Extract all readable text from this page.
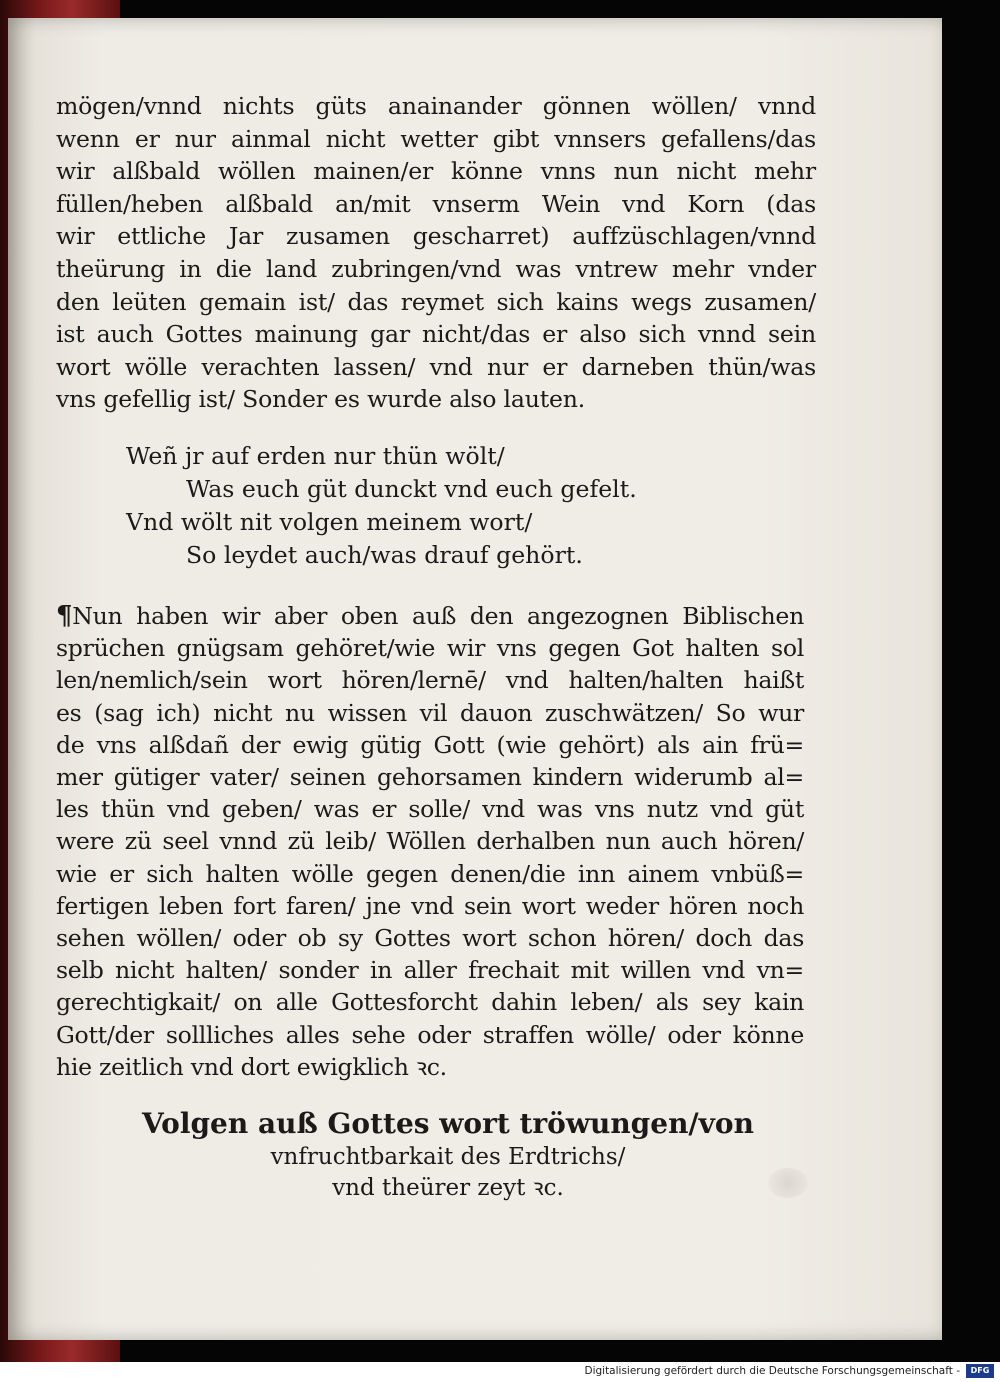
mögen/vnnd nichts güts anainander gönnen wöllen/ vnnd
wenn er nur ainmal nicht wetter gibt vnnsers gefallens/das
wir alßbald wöllen mainen/er könne vnns nun nicht mehr
füllen/heben alßbald an/mit vnserm Wein vnd Korn (das
wir ettliche Jar zusamen gescharret) auffzüschlagen/vnnd
theürung in die land zubringen/vnd was vntrew mehr vnder
den leüten gemain ist/ das reymet sich kains wegs zusamen/
ist auch Gottes mainung gar nicht/das er also sich vnnd sein
wort wölle verachten lassen/ vnd nur er darneben thün/was
vns gefellig ist/ Sonder es wurde also lauten.
Weñ jr auf erden nur thün wölt/
Was euch güt dunckt vnd euch gefelt.
Vnd wölt nit volgen meinem wort/
So leydet auch/was drauf gehört.
¶Nun haben wir aber oben auß den angezognen Biblischen
sprüchen gnügsam gehöret/wie wir vns gegen Got halten sol
len/nemlich/sein wort hören/lernē/ vnd halten/halten haißt
es (sag ich) nicht nu wissen vil dauon zuschwätzen/ So wur
de vns alßdañ der ewig gütig Gott (wie gehört) als ain frü=
mer gütiger vater/ seinen gehorsamen kindern widerumb al=
les thün vnd geben/ was er solle/ vnd was vns nutz vnd güt
were zü seel vnnd zü leib/ Wöllen derhalben nun auch hören/
wie er sich halten wölle gegen denen/die inn ainem vnbüß=
fertigen leben fort faren/ jne vnd sein wort weder hören noch
sehen wöllen/ oder ob sy Gottes wort schon hören/ doch das
selb nicht halten/ sonder in aller frechait mit willen vnd vn=
gerechtigkait/ on alle Gottesforcht dahin leben/ als sey kain
Gott/der sollliches alles sehe oder straffen wölle/ oder könne
hie zeitlich vnd dort ewigklich ꝛc.
Volgen auß Gottes wort tröwungen/von
vnfruchtbarkait des Erdtrichs/
vnd theürer zeyt ꝛc.
Digitalisierung gefördert durch die Deutsche Forschungsgemeinschaft -	DFG
